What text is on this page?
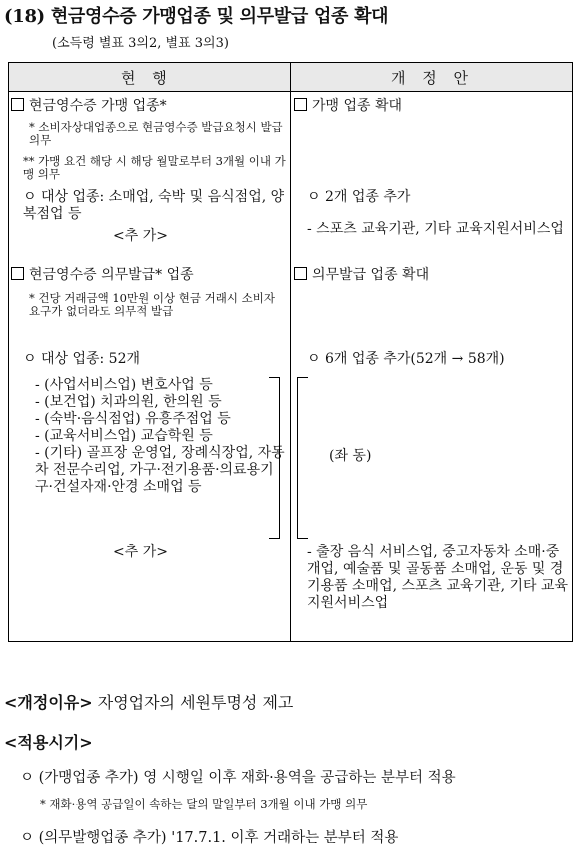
(18) 현금영수증 가맹업종 및 의무발급 업종 확대
(소득령 별표 3의2, 별표 3의3)
현 행	개 정 안
현금영수증 가맹 업종*
* 소비자상대업종으로 현금영수증 발급요청시 발급 의무
** 가맹 요건 해당 시 해당 월말로부터 3개월 이내 가맹 의무
ㅇ 대상 업종: 소매업, 숙박 및 음식점업, 양복점업 등
<추 가>
현금영수증 의무발급* 업종
* 건당 거래금액 10만원 이상 현금 거래시 소비자 요구가 없더라도 의무적 발급
ㅇ 대상 업종: 52개
- (사업서비스업) 변호사업 등
- (보건업) 치과의원, 한의원 등
- (숙박·음식점업) 유흥주점업 등
- (교육서비스업) 교습학원 등
- (기타) 골프장 운영업, 장례식장업, 자동차 전문수리업, 가구·전기용품·의료용기구·건설자재·안경 소매업 등
<추 가>
가맹 업종 확대
ㅇ 2개 업종 추가
- 스포츠 교육기관, 기타 교육지원서비스업
의무발급 업종 확대
ㅇ 6개 업종 추가(52개 → 58개)
(좌 동)
- 출장 음식 서비스업, 중고자동차 소매·중개업, 예술품 및 골동품 소매업, 운동 및 경기용품 소매업, 스포츠 교육기관, 기타 교육지원서비스업
<개정이유> 자영업자의 세원투명성 제고
<적용시기>
ㅇ (가맹업종 추가) 영 시행일 이후 재화·용역을 공급하는 분부터 적용
* 재화·용역 공급일이 속하는 달의 말일부터 3개월 이내 가맹 의무
ㅇ (의무발행업종 추가) '17.7.1. 이후 거래하는 분부터 적용
